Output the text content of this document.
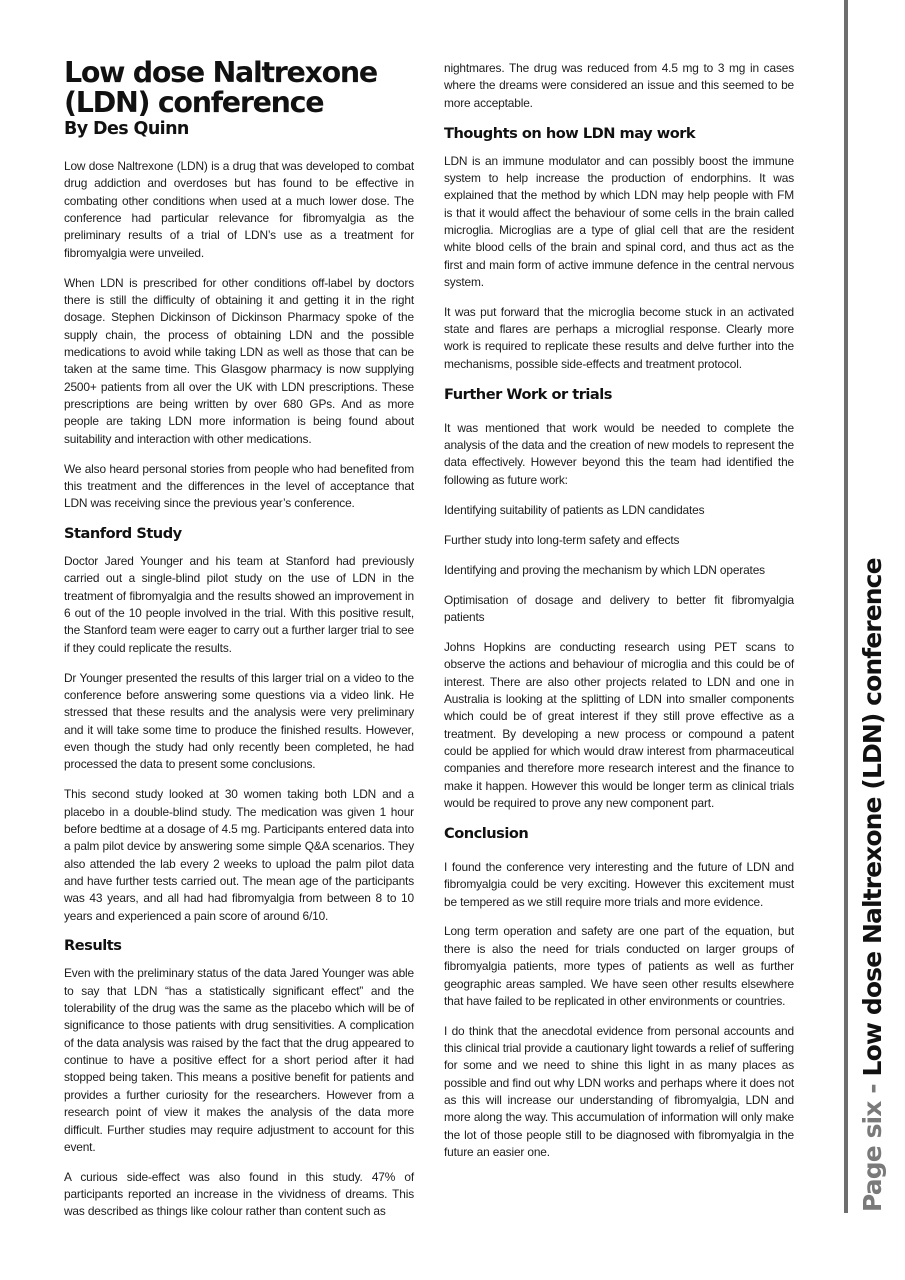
Low dose Naltrexone
(LDN) conference
By Des Quinn

Low dose Naltrexone (LDN) is a drug that was developed to combat drug addiction and overdoses but has found to be effective in combating other conditions when used at a much lower dose. The conference had particular relevance for fibromyalgia as the preliminary results of a trial of LDN’s use as a treatment for fibromyalgia were unveiled.

When LDN is prescribed for other conditions off-label by doctors there is still the difficulty of obtaining it and getting it in the right dosage. Stephen Dickinson of Dickinson Pharmacy spoke of the supply chain, the process of obtaining LDN and the possible medications to avoid while taking LDN as well as those that can be taken at the same time. This Glasgow pharmacy is now supplying 2500+ patients from all over the UK with LDN prescriptions. These prescriptions are being written by over 680 GPs. And as more people are taking LDN more information is being found about suitability and interaction with other medications.

We also heard personal stories from people who had benefited from this treatment and the differences in the level of acceptance that LDN was receiving since the previous year’s conference.

Stanford Study

Doctor Jared Younger and his team at Stanford had previously carried out a single-blind pilot study on the use of LDN in the treatment of fibromyalgia and the results showed an improvement in 6 out of the 10 people involved in the trial. With this positive result, the Stanford team were eager to carry out a further larger trial to see if they could replicate the results.

Dr Younger presented the results of this larger trial on a video to the conference before answering some questions via a video link. He stressed that these results and the analysis were very preliminary and it will take some time to produce the finished results. However, even though the study had only recently been completed, he had processed the data to present some conclusions.

This second study looked at 30 women taking both LDN and a placebo in a double-blind study. The medication was given 1 hour before bedtime at a dosage of 4.5 mg. Participants entered data into a palm pilot device by answering some simple Q&A scenarios. They also attended the lab every 2 weeks to upload the palm pilot data and have further tests carried out. The mean age of the participants was 43 years, and all had had fibromyalgia from between 8 to 10 years and experienced a pain score of around 6/10.

Results

Even with the preliminary status of the data Jared Younger was able to say that LDN “has a statistically significant effect” and the tolerability of the drug was the same as the placebo which will be of significance to those patients with drug sensitivities. A complication of the data analysis was raised by the fact that the drug appeared to continue to have a positive effect for a short period after it had stopped being taken. This means a positive benefit for patients and provides a further curiosity for the researchers. However from a research point of view it makes the analysis of the data more difficult. Further studies may require adjustment to account for this event.

A curious side-effect was also found in this study. 47% of participants reported an increase in the vividness of dreams. This was described as things like colour rather than content such as

nightmares. The drug was reduced from 4.5 mg to 3 mg in cases where the dreams were considered an issue and this seemed to be more acceptable.

Thoughts on how LDN may work

LDN is an immune modulator and can possibly boost the immune system to help increase the production of endorphins. It was explained that the method by which LDN may help people with FM is that it would affect the behaviour of some cells in the brain called microglia. Microglias are a type of glial cell that are the resident white blood cells of the brain and spinal cord, and thus act as the first and main form of active immune defence in the central nervous system.

It was put forward that the microglia become stuck in an activated state and flares are perhaps a microglial response. Clearly more work is required to replicate these results and delve further into the mechanisms, possible side-effects and treatment protocol.

Further Work or trials

It was mentioned that work would be needed to complete the analysis of the data and the creation of new models to represent the data effectively. However beyond this the team had identified the following as future work:

Identifying suitability of patients as LDN candidates

Further study into long-term safety and effects

Identifying and proving the mechanism by which LDN operates

Optimisation of dosage and delivery to better fit fibromyalgia patients

Johns Hopkins are conducting research using PET scans to observe the actions and behaviour of microglia and this could be of interest. There are also other projects related to LDN and one in Australia is looking at the splitting of LDN into smaller components which could be of great interest if they still prove effective as a treatment. By developing a new process or compound a patent could be applied for which would draw interest from pharmaceutical companies and therefore more research interest and the finance to make it happen. However this would be longer term as clinical trials would be required to prove any new component part.

Conclusion

I found the conference very interesting and the future of LDN and fibromyalgia could be very exciting. However this excitement must be tempered as we still require more trials and more evidence.

Long term operation and safety are one part of the equation, but there is also the need for trials conducted on larger groups of fibromyalgia patients, more types of patients as well as further geographic areas sampled. We have seen other results elsewhere that have failed to be replicated in other environments or countries.

I do think that the anecdotal evidence from personal accounts and this clinical trial provide a cautionary light towards a relief of suffering for some and we need to shine this light in as many places as possible and find out why LDN works and perhaps where it does not as this will increase our understanding of fibromyalgia, LDN and more along the way. This accumulation of information will only make the lot of those people still to be diagnosed with fibromyalgia in the future an easier one.	Page six - Low dose Naltrexone (LDN) conference
